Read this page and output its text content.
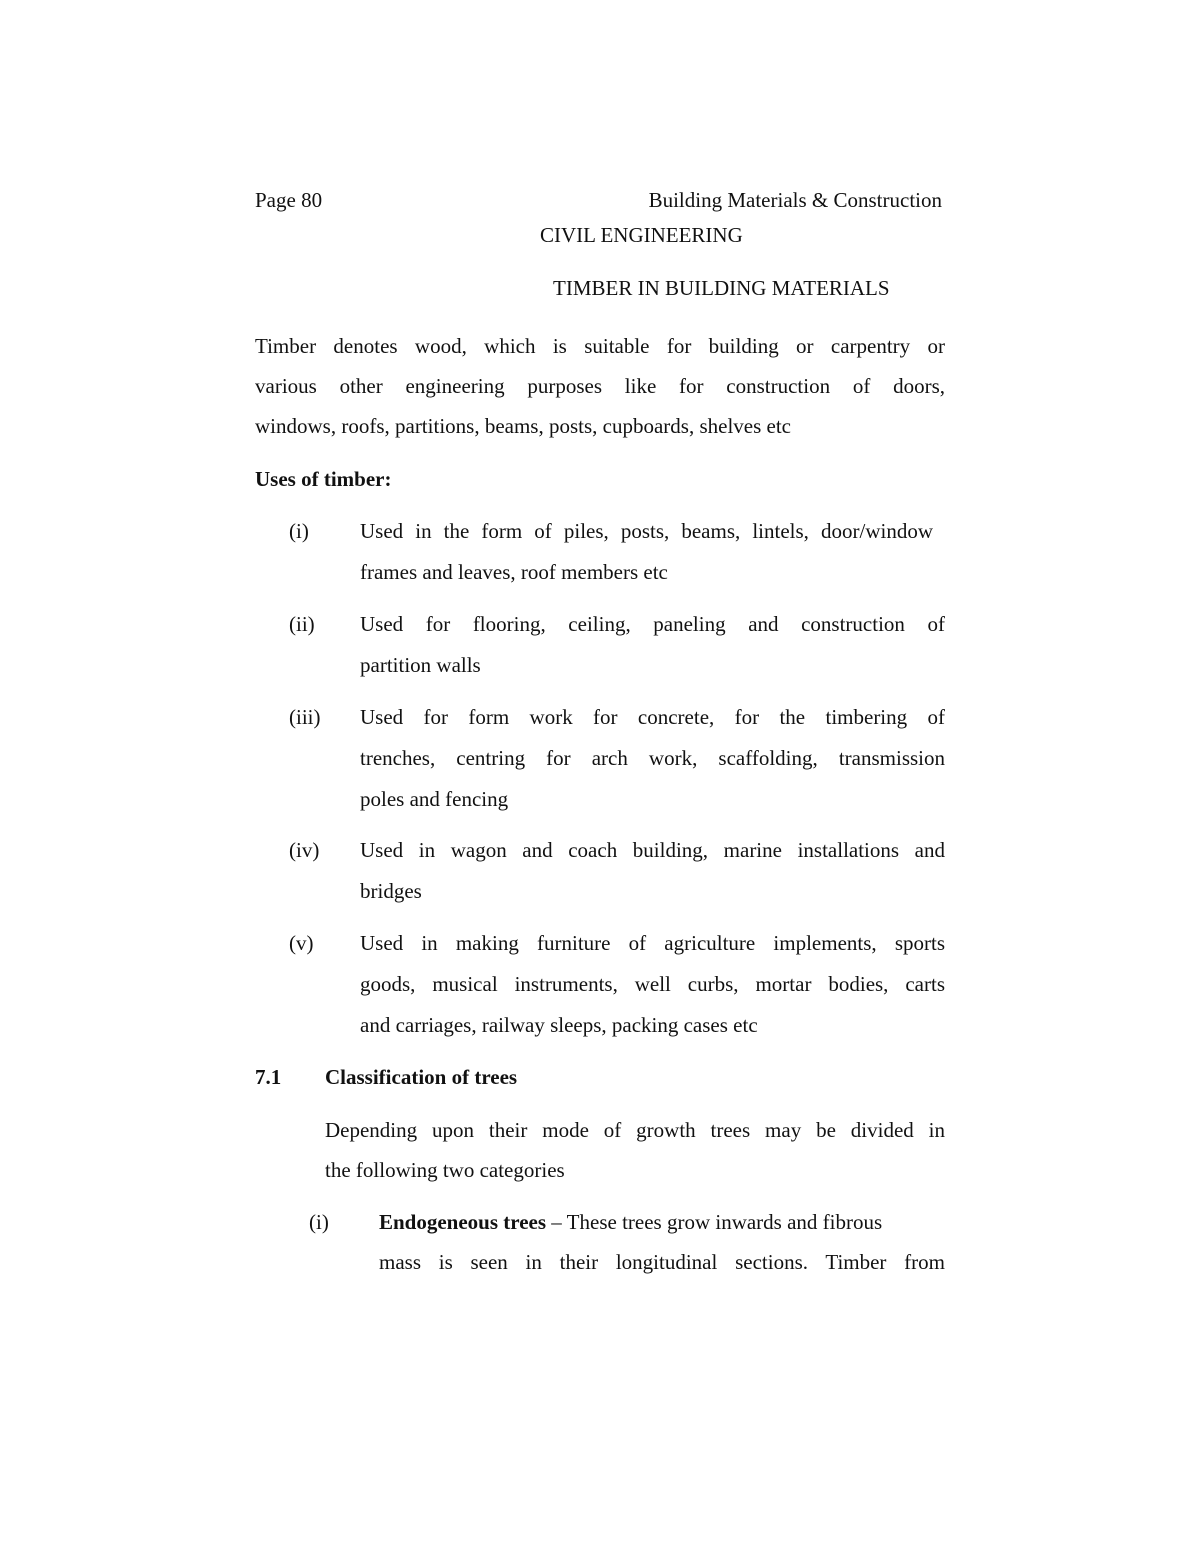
Page 80	Building Materials & Construction
CIVIL ENGINEERING
TIMBER IN BUILDING MATERIALS
Timber denotes wood, which is suitable for building or carpentry or
various other engineering purposes like for construction of doors,
windows, roofs, partitions, beams, posts, cupboards, shelves etc
Uses of timber:
(i) Used in the form of piles, posts, beams, lintels, door/window
frames and leaves, roof members etc
(ii) Used for flooring, ceiling, paneling and construction of
partition walls
(iii) Used for form work for concrete, for the timbering of
trenches, centring for arch work, scaffolding, transmission
poles and fencing
(iv) Used in wagon and coach building, marine installations and
bridges
(v) Used in making furniture of agriculture implements, sports
goods, musical instruments, well curbs, mortar bodies, carts
and carriages, railway sleeps, packing cases etc
7.1 Classification of trees
Depending upon their mode of growth trees may be divided in
the following two categories
(i) Endogeneous trees – These trees grow inwards and fibrous
mass is seen in their longitudinal sections. Timber from
